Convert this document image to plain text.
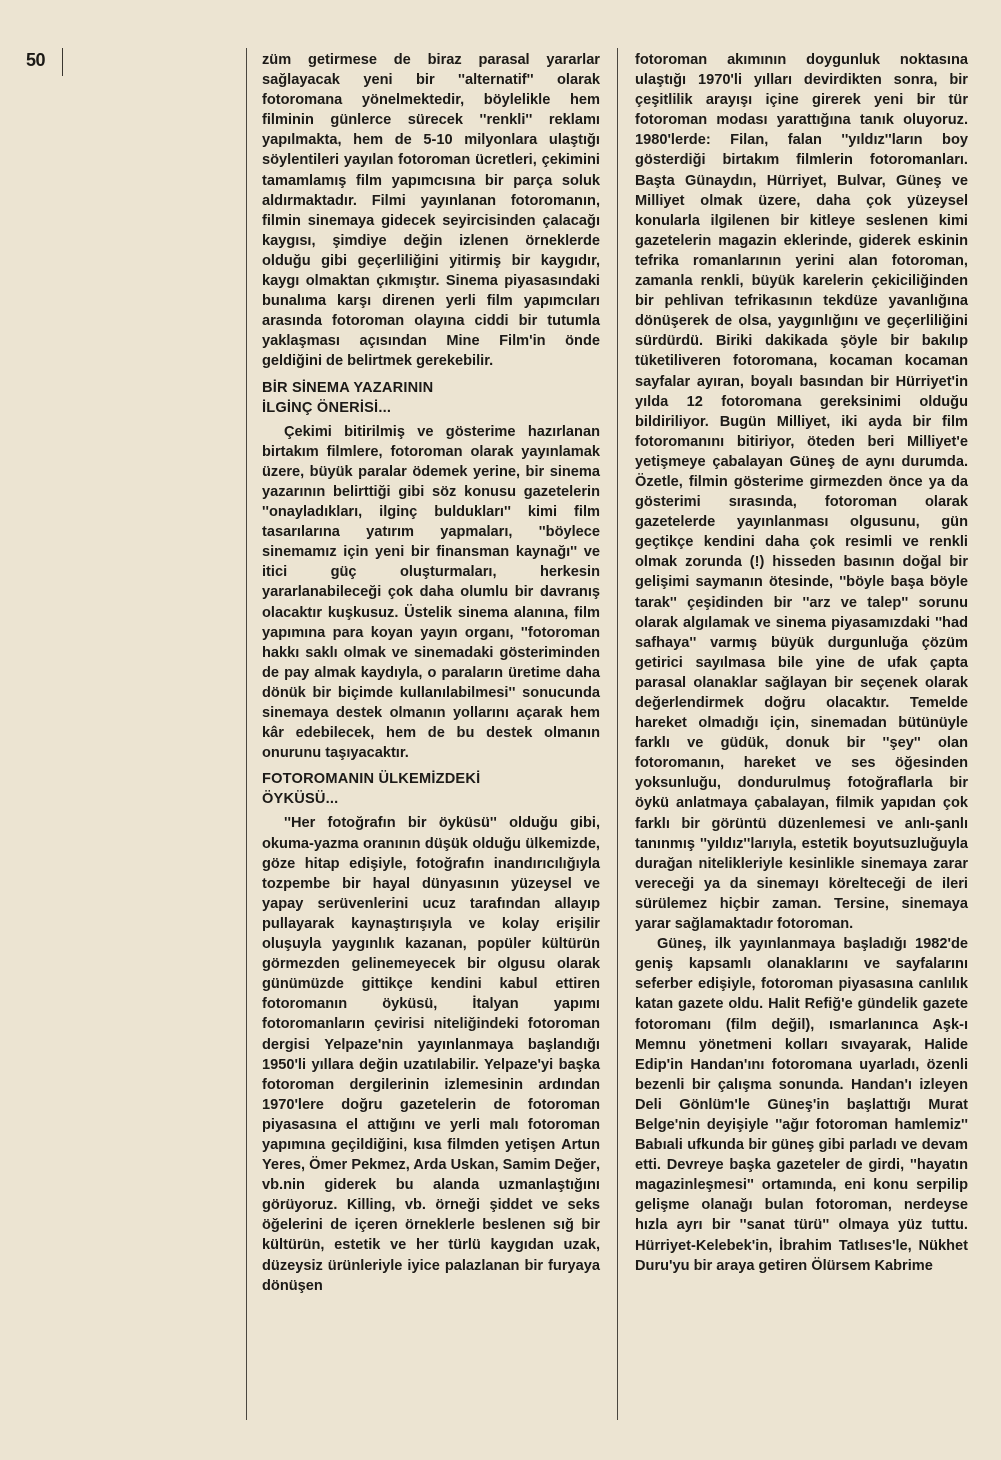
50	züm getirmese de biraz parasal yararlar sağlayacak yeni bir ''alternatif'' olarak fotoromana yönelmektedir, böylelikle hem filminin günlerce sürecek ''renkli'' reklamı yapılmakta, hem de 5-10 milyonlara ulaştığı söylentileri yayılan fotoroman ücretleri, çekimini tamamlamış film yapımcısına bir parça soluk aldırmaktadır. Filmi yayınlanan fotoromanın, filmin sinemaya gidecek seyircisinden çalacağı kaygısı, şimdiye değin izlenen örneklerde olduğu gibi geçerliliğini yitirmiş bir kaygıdır, kaygı olmaktan çıkmıştır. Sinema piyasasındaki bunalıma karşı direnen yerli film yapımcıları arasında fotoroman olayına ciddi bir tutumla yaklaşması açısından Mine Film'in önde geldiğini de belirtmek gerekebilir.

BİR SİNEMA YAZARININ
İLGİNÇ ÖNERİSİ...

Çekimi bitirilmiş ve gösterime hazırlanan birtakım filmlere, fotoroman olarak yayınlamak üzere, büyük paralar ödemek yerine, bir sinema yazarının belirttiği gibi söz konusu gazetelerin ''onayladıkları, ilginç buldukları'' kimi film tasarılarına yatırım yapmaları, ''böylece sinemamız için yeni bir finansman kaynağı'' ve itici güç oluşturmaları, herkesin yararlanabileceği çok daha olumlu bir davranış olacaktır kuşkusuz. Üstelik sinema alanına, film yapımına para koyan yayın organı, ''fotoroman hakkı saklı olmak ve sinemadaki gösteriminden de pay almak kaydıyla, o paraların üretime daha dönük bir biçimde kullanılabilmesi'' sonucunda sinemaya destek olmanın yollarını açarak hem kâr edebilecek, hem de bu destek olmanın onurunu taşıyacaktır.

FOTOROMANIN ÜLKEMİZDEKİ
ÖYKÜSÜ...

''Her fotoğrafın bir öyküsü'' olduğu gibi, okuma-yazma oranının düşük olduğu ülkemizde, göze hitap edişiyle, fotoğrafın inandırıcılığıyla tozpembe bir hayal dünyasının yüzeysel ve yapay serüvenlerini ucuz tarafından allayıp pullayarak kaynaştırışıyla ve kolay erişilir oluşuyla yaygınlık kazanan, popüler kültürün görmezden gelinemeyecek bir olgusu olarak günümüzde gittikçe kendini kabul ettiren fotoromanın öyküsü, İtalyan yapımı fotoromanların çevirisi niteliğindeki fotoroman dergisi Yelpaze'nin yayınlanmaya başlandığı 1950'li yıllara değin uzatılabilir. Yelpaze'yi başka fotoroman dergilerinin izlemesinin ardından 1970'lere doğru gazetelerin de fotoroman piyasasına el attığını ve yerli malı fotoroman yapımına geçildiğini, kısa filmden yetişen Artun Yeres, Ömer Pekmez, Arda Uskan, Samim Değer, vb.nin giderek bu alanda uzmanlaştığını görüyoruz. Killing, vb. örneği şiddet ve seks öğelerini de içeren örneklerle beslenen sığ bir kültürün, estetik ve her türlü kaygıdan uzak, düzeysiz ürünleriyle iyice palazlanan bir furyaya dönüşen

fotoroman akımının doygunluk noktasına ulaştığı 1970'li yılları devirdikten sonra, bir çeşitlilik arayışı içine girerek yeni bir tür fotoroman modası yarattığına tanık oluyoruz. 1980'lerde: Filan, falan ''yıldız''ların boy gösterdiği birtakım filmlerin fotoromanları. Başta Günaydın, Hürriyet, Bulvar, Güneş ve Milliyet olmak üzere, daha çok yüzeysel konularla ilgilenen bir kitleye seslenen kimi gazetelerin magazin eklerinde, giderek eskinin tefrika romanlarının yerini alan fotoroman, zamanla renkli, büyük karelerin çekiciliğinden bir pehlivan tefrikasının tekdüze yavanlığına dönüşerek de olsa, yaygınlığını ve geçerliliğini sürdürdü. Biriki dakikada şöyle bir bakılıp tüketiliveren fotoromana, kocaman kocaman sayfalar ayıran, boyalı basından bir Hürriyet'in yılda 12 fotoromana gereksinimi olduğu bildiriliyor. Bugün Milliyet, iki ayda bir film fotoromanını bitiriyor, öteden beri Milliyet'e yetişmeye çabalayan Güneş de aynı durumda. Özetle, filmin gösterime girmezden önce ya da gösterimi sırasında, fotoroman olarak gazetelerde yayınlanması olgusunu, gün geçtikçe kendini daha çok resimli ve renkli olmak zorunda (!) hisseden basının doğal bir gelişimi saymanın ötesinde, ''böyle başa böyle tarak'' çeşidinden bir ''arz ve talep'' sorunu olarak algılamak ve sinema piyasamızdaki ''had safhaya'' varmış büyük durgunluğa çözüm getirici sayılmasa bile yine de ufak çapta parasal olanaklar sağlayan bir seçenek olarak değerlendirmek doğru olacaktır. Temelde hareket olmadığı için, sinemadan bütünüyle farklı ve güdük, donuk bir ''şey'' olan fotoromanın, hareket ve ses öğesinden yoksunluğu, dondurulmuş fotoğraflarla bir öykü anlatmaya çabalayan, filmik yapıdan çok farklı bir görüntü düzenlemesi ve anlı-şanlı tanınmış ''yıldız''larıyla, estetik boyutsuzluğuyla durağan nitelikleriyle kesinlikle sinemaya zarar vereceği ya da sinemayı körelteceği de ileri sürülemez hiçbir zaman. Tersine, sinemaya yarar sağlamaktadır fotoroman.

Güneş, ilk yayınlanmaya başladığı 1982'de geniş kapsamlı olanaklarını ve sayfalarını seferber edişiyle, fotoroman piyasasına canlılık katan gazete oldu. Halit Refiğ'e gündelik gazete fotoromanı (film değil), ısmarlanınca Aşk-ı Memnu yönetmeni kolları sıvayarak, Halide Edip'in Handan'ını fotoromana uyarladı, özenli bezenli bir çalışma sonunda. Handan'ı izleyen Deli Gönlüm'le Güneş'in başlattığı Murat Belge'nin deyişiyle ''ağır fotoroman hamlemiz'' Babıali ufkunda bir güneş gibi parladı ve devam etti. Devreye başka gazeteler de girdi, ''hayatın magazinleşmesi'' ortamında, eni konu serpilip gelişme olanağı bulan fotoroman, nerdeyse hızla ayrı bir ''sanat türü'' olmaya yüz tuttu. Hürriyet-Kelebek'in, İbrahim Tatlıses'le, Nükhet Duru'yu bir araya getiren Ölürsem Kabrime
